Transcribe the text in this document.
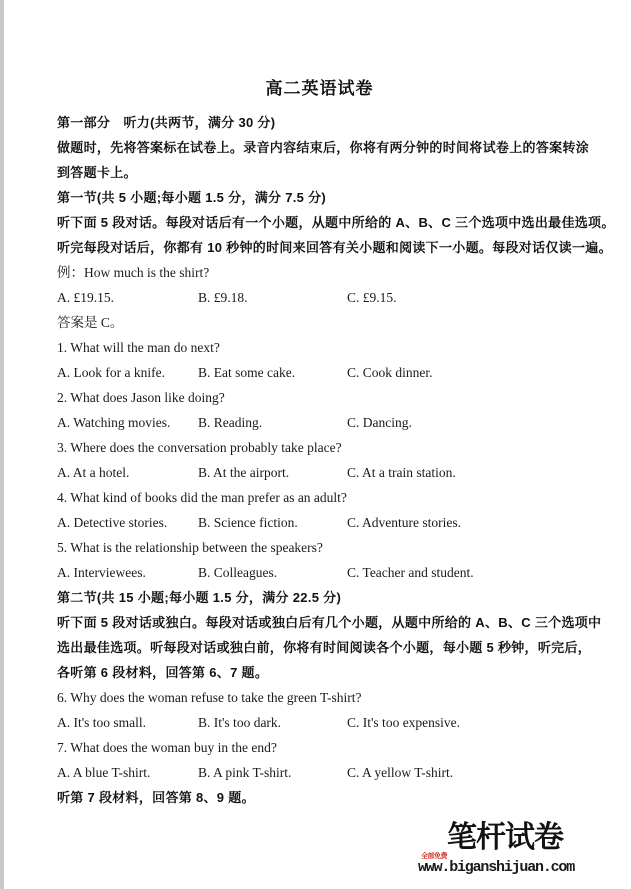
高二英语试卷

第一部分　听力(共两节，满分 30 分)

做题时，先将答案标在试卷上。录音内容结束后，你将有两分钟的时间将试卷上的答案转涂

到答题卡上。

第一节(共 5 小题;每小题 1.5 分，满分 7.5 分)

听下面 5 段对话。每段对话后有一个小题，从题中所给的 A、B、C 三个选项中选出最佳选项。

听完每段对话后，你都有 10 秒钟的时间来回答有关小题和阅读下一小题。每段对话仅读一遍。

例：How much is the shirt?

A. £19.15.	B. £9.18.	C. £9.15.

答案是 C。

1. What will the man do next?

A. Look for a knife.	B. Eat some cake.	C. Cook dinner.

2. What does Jason like doing?

A. Watching movies.	B. Reading.	C. Dancing.

3. Where does the conversation probably take place?

A. At a hotel.	B. At the airport.	C. At a train station.

4. What kind of books did the man prefer as an adult?

A. Detective stories.	B. Science fiction.	C. Adventure stories.

5. What is the relationship between the speakers?

A. Interviewees.	B. Colleagues.	C. Teacher and student.

第二节(共 15 小题;每小题 1.5 分，满分 22.5 分)

听下面 5 段对话或独白。每段对话或独白后有几个小题，从题中所给的 A、B、C 三个选项中

选出最佳选项。听每段对话或独白前，你将有时间阅读各个小题，每小题 5 秒钟，听完后，

各听第 6 段材料，回答第 6、7 题。

6. Why does the woman refuse to take the green T-shirt?

A. It's too small.	B. It's too dark.	C. It's too expensive.

7. What does the woman buy in the end?

A. A blue T-shirt.	B. A pink T-shirt.	C. A yellow T-shirt.

听第 7 段材料，回答第 8、9 题。

笔杆试卷
全部免费
www.biganshijuan.com
